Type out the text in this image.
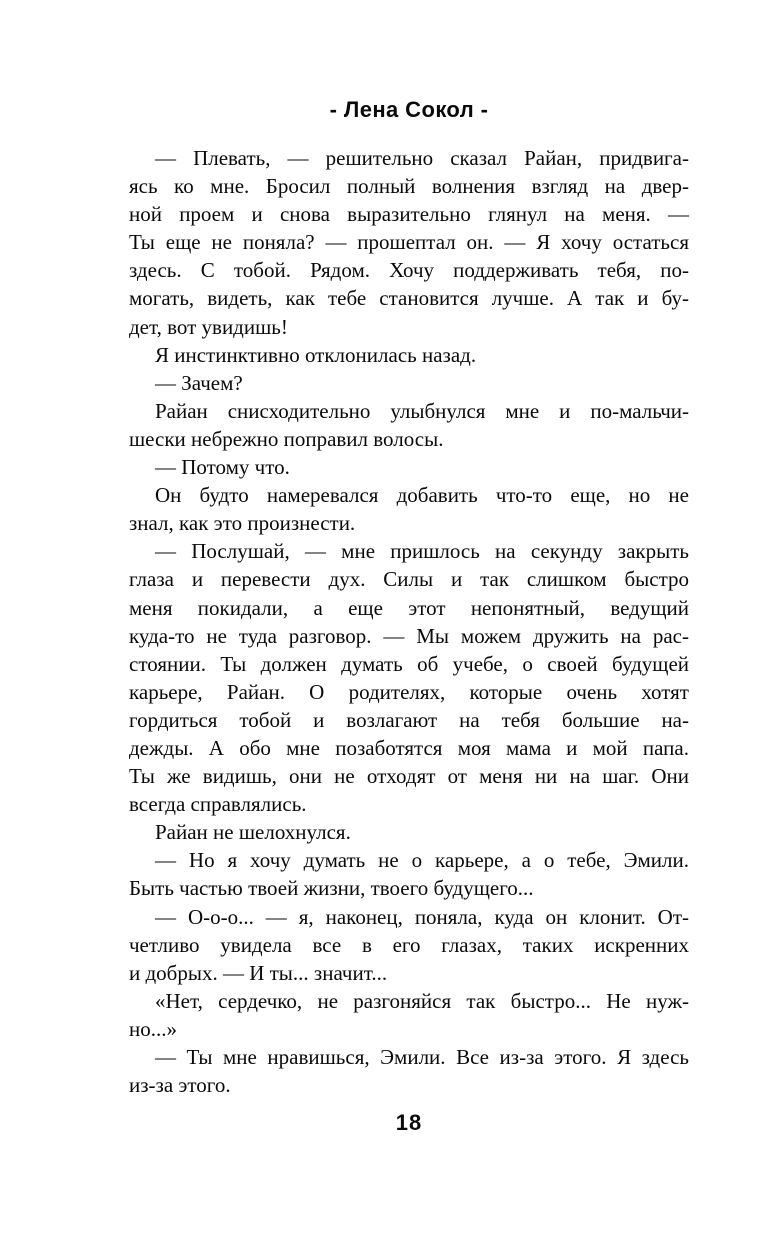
- Лена Сокол -
— Плевать, — решительно сказал Райан, придвига-
ясь ко мне. Бросил полный волнения взгляд на двер-
ной проем и снова выразительно глянул на меня. —
Ты еще не поняла? — прошептал он. — Я хочу остаться
здесь. С тобой. Рядом. Хочу поддерживать тебя, по-
могать, видеть, как тебе становится лучше. А так и бу-
дет, вот увидишь!
Я инстинктивно отклонилась назад.
— Зачем?
Райан снисходительно улыбнулся мне и по-мальчи-
шески небрежно поправил волосы.
— Потому что.
Он будто намеревался добавить что-то еще, но не
знал, как это произнести.
— Послушай, — мне пришлось на секунду закрыть
глаза и перевести дух. Силы и так слишком быстро
меня покидали, а еще этот непонятный, ведущий
куда-то не туда разговор. — Мы можем дружить на рас-
стоянии. Ты должен думать об учебе, о своей будущей
карьере, Райан. О родителях, которые очень хотят
гордиться тобой и возлагают на тебя большие на-
дежды. А обо мне позаботятся моя мама и мой папа.
Ты же видишь, они не отходят от меня ни на шаг. Они
всегда справлялись.
Райан не шелохнулся.
— Но я хочу думать не о карьере, а о тебе, Эмили.
Быть частью твоей жизни, твоего будущего...
— О-о-о... — я, наконец, поняла, куда он клонит. От-
четливо увидела все в его глазах, таких искренних
и добрых. — И ты... значит...
«Нет, сердечко, не разгоняйся так быстро... Не нуж-
но...»
— Ты мне нравишься, Эмили. Все из-за этого. Я здесь
из-за этого.
18
